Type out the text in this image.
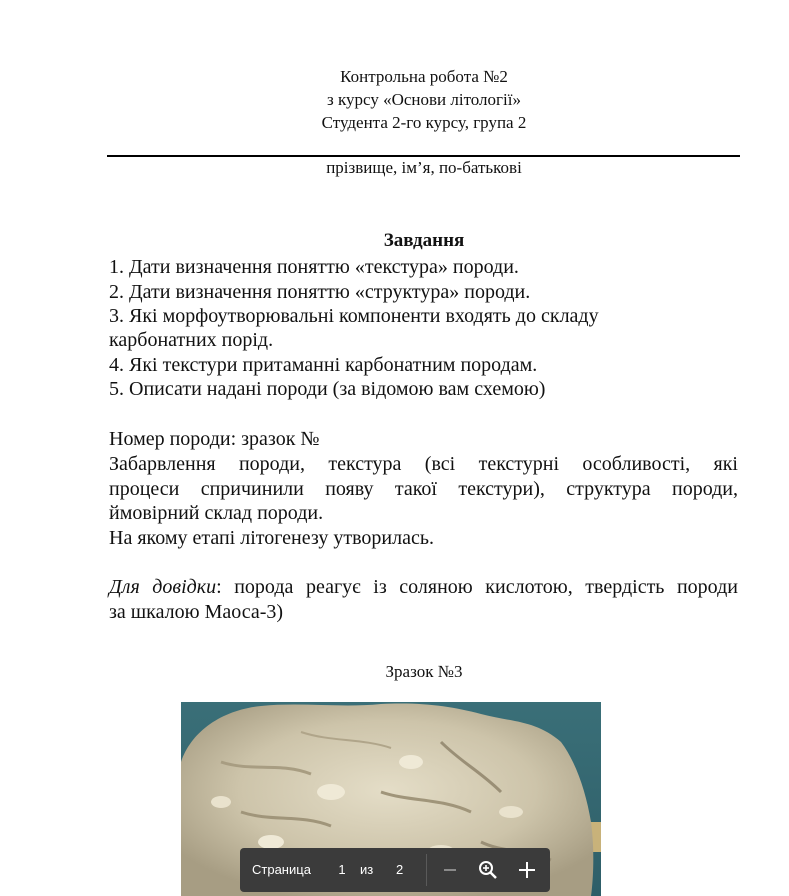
Контрольна робота №2
з курсу «Основи літології»
Студента 2-го курсу, група 2
прізвище, ім’я, по-батькові
Завдання
1. Дати визначення поняттю «текстура» породи.
2. Дати визначення поняттю «структура» породи.
3. Які морфоутворювальні компоненти входять до складу
карбонатних порід.
4. Які текстури притаманні карбонатним породам.
5. Описати надані породи (за відомою вам схемою)
Номер породи: зразок №
Забарвлення породи, текстура (всі текстурні особливості, які
процеси спричинили появу такої текстури), структура породи,
ймовірний склад породи.
На якому етапі літогенезу утворилась.
Для довідки: порода реагує із соляною кислотою, твердість породи
за шкалою Маоса-3)
Зразок №3
Страница	1	из 2
